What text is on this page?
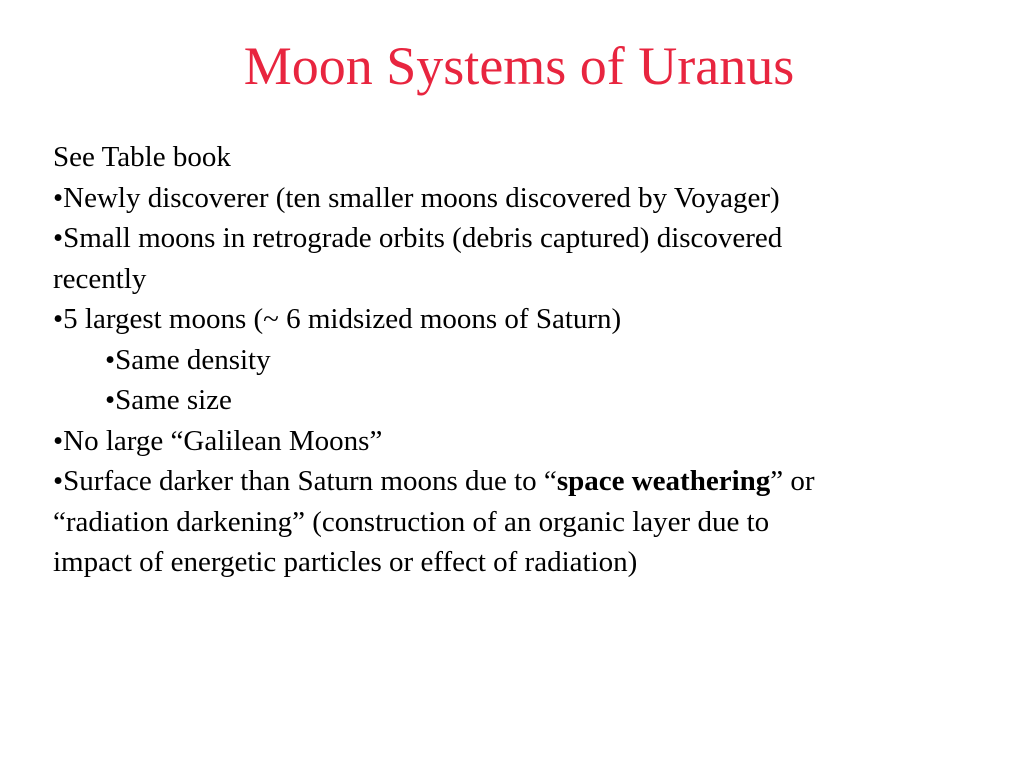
Moon Systems of Uranus
See Table book
•Newly discoverer (ten smaller moons discovered by Voyager)
•Small moons in retrograde orbits (debris captured) discovered
recently
•5 largest moons (~ 6 midsized moons of Saturn)
•Same density
•Same size
•No large “Galilean Moons”
•Surface darker than Saturn moons due to “space weathering” or
“radiation darkening” (construction of an organic layer due to
impact of energetic particles or effect of radiation)
